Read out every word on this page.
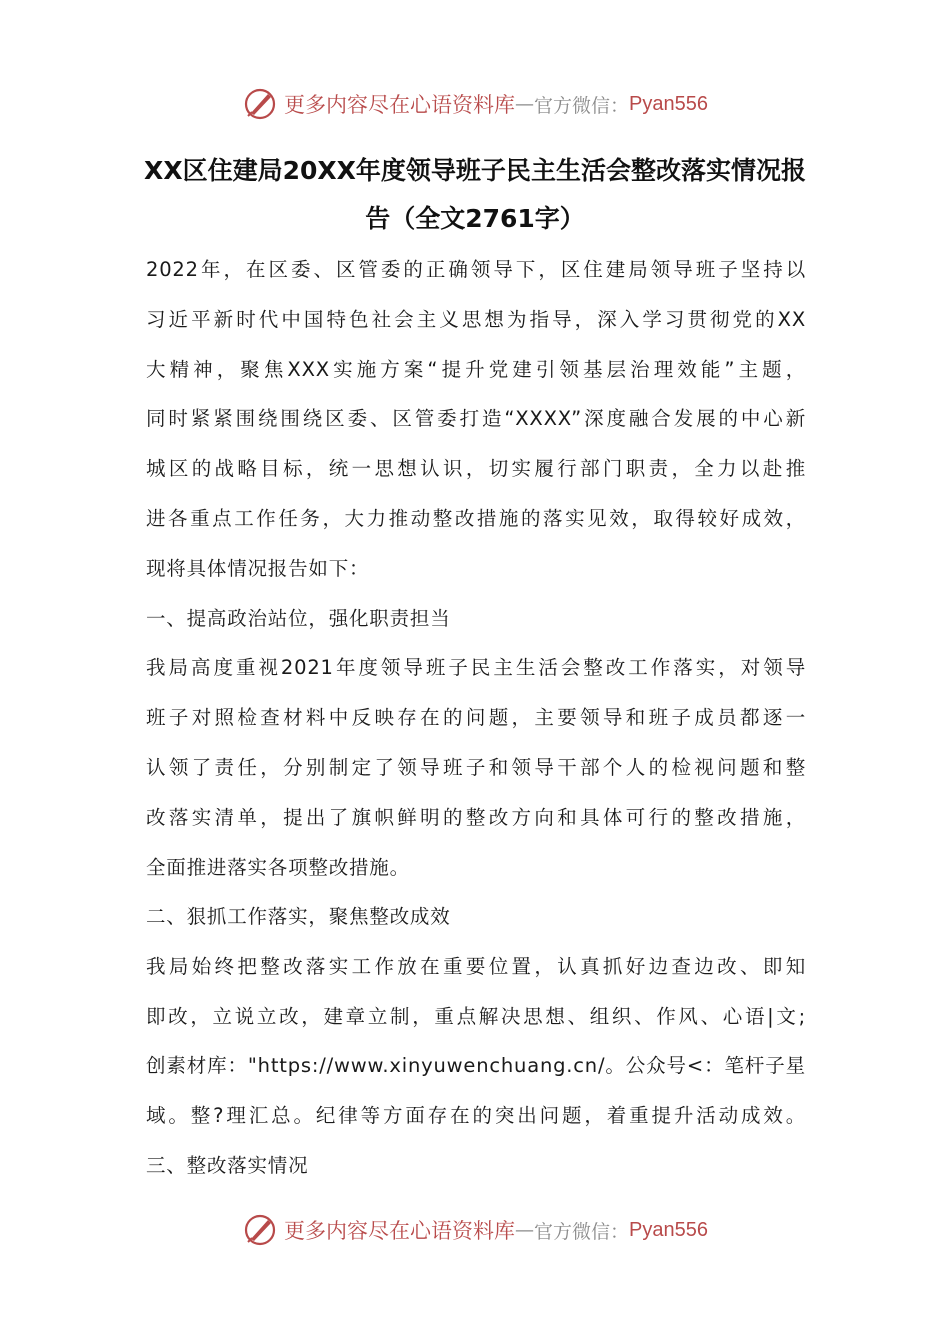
更多内容尽在心语资料库 — 官方微信： Pyan556
XX区住建局20XX年度领导班子民主生活会整改落实情况报
告（全文2761字）
2022年，在区委、区管委的正确领导下，区住建局领导班子坚持以
习近平新时代中国特色社会主义思想为指导，深入学习贯彻党的XX
大精神，聚焦XXX实施方案“提升党建引领基层治理效能”主题，
同时紧紧围绕围绕区委、区管委打造“XXXX”深度融合发展的中心新
城区的战略目标，统一思想认识，切实履行部门职责，全力以赴推
进各重点工作任务，大力推动整改措施的落实见效，取得较好成效，
现将具体情况报告如下：
一、提高政治站位，强化职责担当
我局高度重视2021年度领导班子民主生活会整改工作落实，对领导
班子对照检查材料中反映存在的问题，主要领导和班子成员都逐一
认领了责任，分别制定了领导班子和领导干部个人的检视问题和整
改落实清单，提出了旗帜鲜明的整改方向和具体可行的整改措施，
全面推进落实各项整改措施。
二、狠抓工作落实，聚焦整改成效
我局始终把整改落实工作放在重要位置，认真抓好边查边改、即知
即改，立说立改，建章立制，重点解决思想、组织、作风、心语|文;
创素材库："https://www.xinyuwenchuang.cn/。公众号<：笔杆子星
域。整?理汇总。纪律等方面存在的突出问题，着重提升活动成效。
三、整改落实情况
更多内容尽在心语资料库 — 官方微信： Pyan556
